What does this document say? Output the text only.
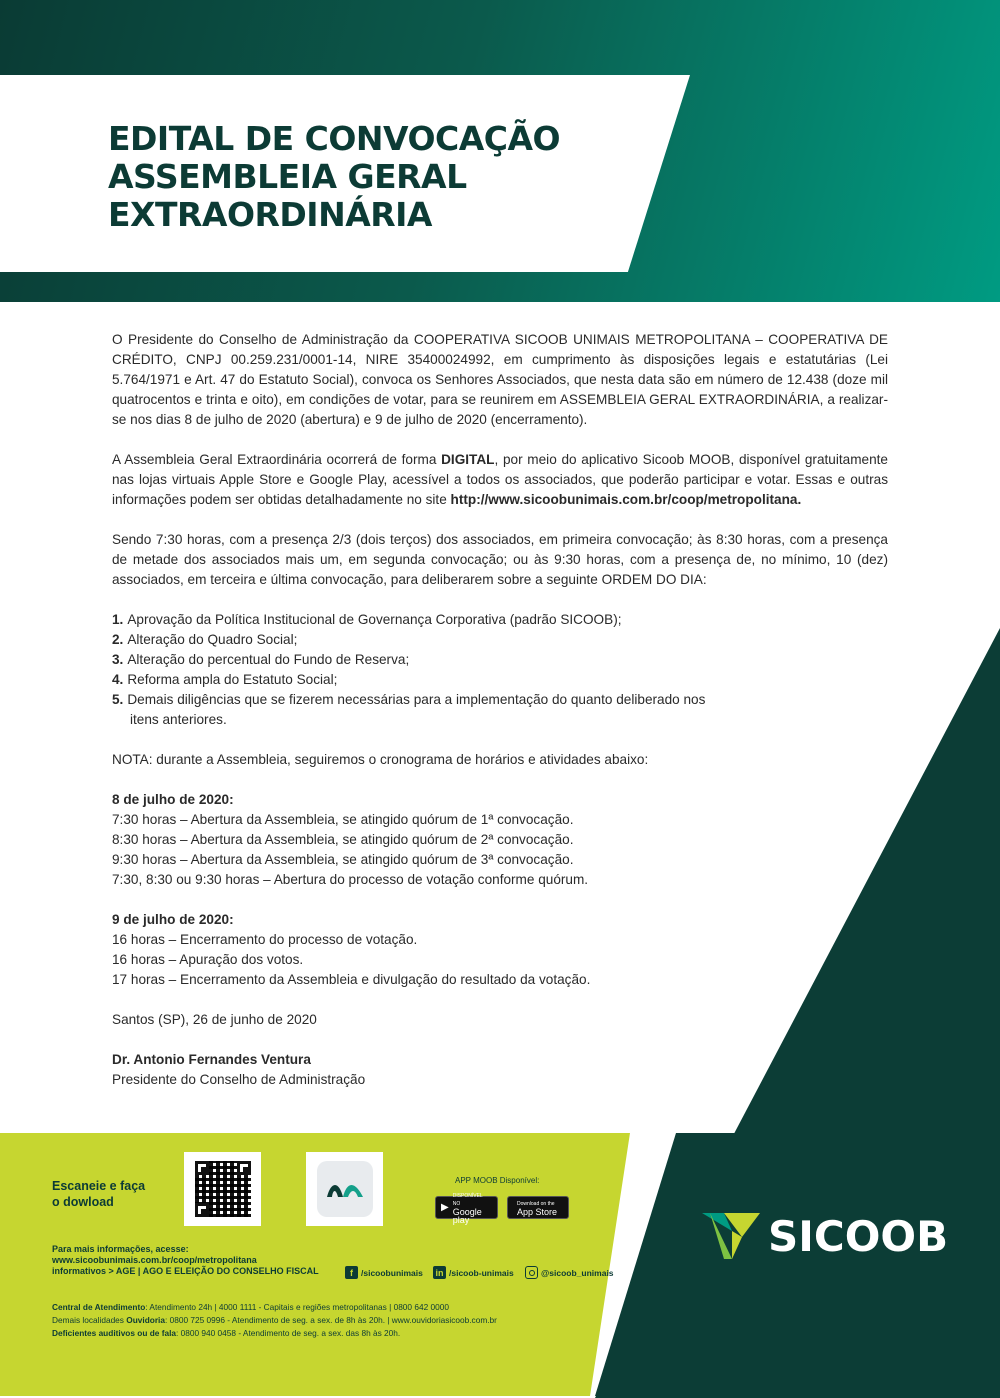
EDITAL DE CONVOCAÇÃO
ASSEMBLEIA GERAL
EXTRAORDINÁRIA

O Presidente do Conselho de Administração da COOPERATIVA SICOOB UNIMAIS METROPOLITANA – COOPERATIVA DE CRÉDITO, CNPJ 00.259.231/0001-14, NIRE 35400024992, em cumprimento às disposições legais e estatutárias (Lei 5.764/1971 e Art. 47 do Estatuto Social), convoca os Senhores Associados, que nesta data são em número de 12.438 (doze mil quatrocentos e trinta e oito), em condições de votar, para se reunirem em ASSEMBLEIA GERAL EXTRAORDINÁRIA, a realizar-se nos dias 8 de julho de 2020 (abertura) e 9 de julho de 2020 (encerramento).

A Assembleia Geral Extraordinária ocorrerá de forma DIGITAL, por meio do aplicativo Sicoob MOOB, disponível gratuitamente nas lojas virtuais Apple Store e Google Play, acessível a todos os associados, que poderão participar e votar. Essas e outras informações podem ser obtidas detalhadamente no site http://www.sicoobunimais.com.br/coop/metropolitana.

Sendo 7:30 horas, com a presença 2/3 (dois terços) dos associados, em primeira convocação; às 8:30 horas, com a presença de metade dos associados mais um, em segunda convocação; ou às 9:30 horas, com a presença de, no mínimo, 10 (dez) associados, em terceira e última convocação, para deliberarem sobre a seguinte ORDEM DO DIA:

1. Aprovação da Política Institucional de Governança Corporativa (padrão SICOOB);
2. Alteração do Quadro Social;
3. Alteração do percentual do Fundo de Reserva;
4. Reforma ampla do Estatuto Social;
5. Demais diligências que se fizerem necessárias para a implementação do quanto deliberado nos
itens anteriores.

NOTA: durante a Assembleia, seguiremos o cronograma de horários e atividades abaixo:

8 de julho de 2020:
7:30 horas – Abertura da Assembleia, se atingido quórum de 1ª convocação.
8:30 horas – Abertura da Assembleia, se atingido quórum de 2ª convocação.
9:30 horas – Abertura da Assembleia, se atingido quórum de 3ª convocação.
7:30, 8:30 ou 9:30 horas – Abertura do processo de votação conforme quórum.
9 de julho de 2020:
16 horas – Encerramento do processo de votação.
16 horas – Apuração dos votos.
17 horas – Encerramento da Assembleia e divulgação do resultado da votação.

Santos (SP), 26 de junho de 2020

Dr. Antonio Fernandes Ventura
Presidente do Conselho de Administração
Escaneie e faça
o dowload
APP MOOB Disponível:
▶
DISPONÍVEL NO
Google play
Download on the
App Store
Para mais informações, acesse:
www.sicoobunimais.com.br/coop/metropolitana
informativos > AGE | AGO E ELEIÇÃO DO CONSELHO FISCAL	f /sicoobunimais in /sicoob-unimais	@sicoob_unimais
Central de Atendimento: Atendimento 24h | 4000 1111 - Capitais e regiões metropolitanas | 0800 642 0000
Demais localidades Ouvidoria: 0800 725 0996 - Atendimento de seg. a sex. de 8h às 20h. | www.ouvidoriasicoob.com.br
Deficientes auditivos ou de fala: 0800 940 0458 - Atendimento de seg. a sex. das 8h às 20h.
SICOOB
